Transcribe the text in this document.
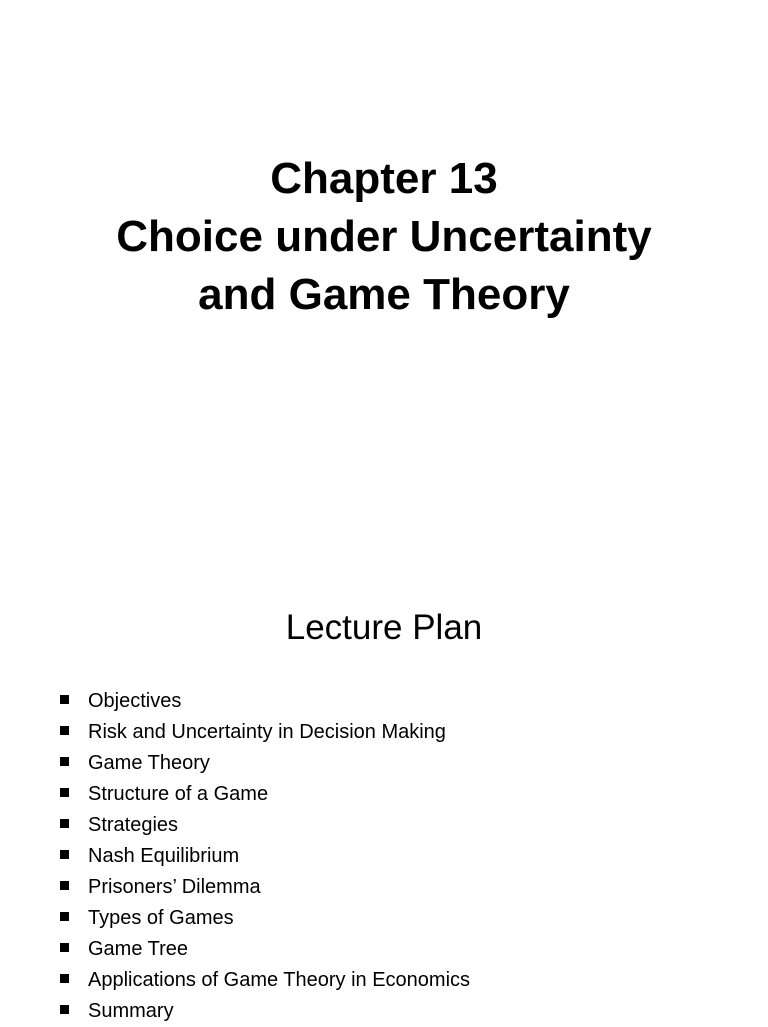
Chapter 13
Choice under Uncertainty
and Game Theory
Lecture Plan
Objectives
Risk and Uncertainty in Decision Making
Game Theory
Structure of a Game
Strategies
Nash Equilibrium
Prisoners’ Dilemma
Types of Games
Game Tree
Applications of Game Theory in Economics
Summary
